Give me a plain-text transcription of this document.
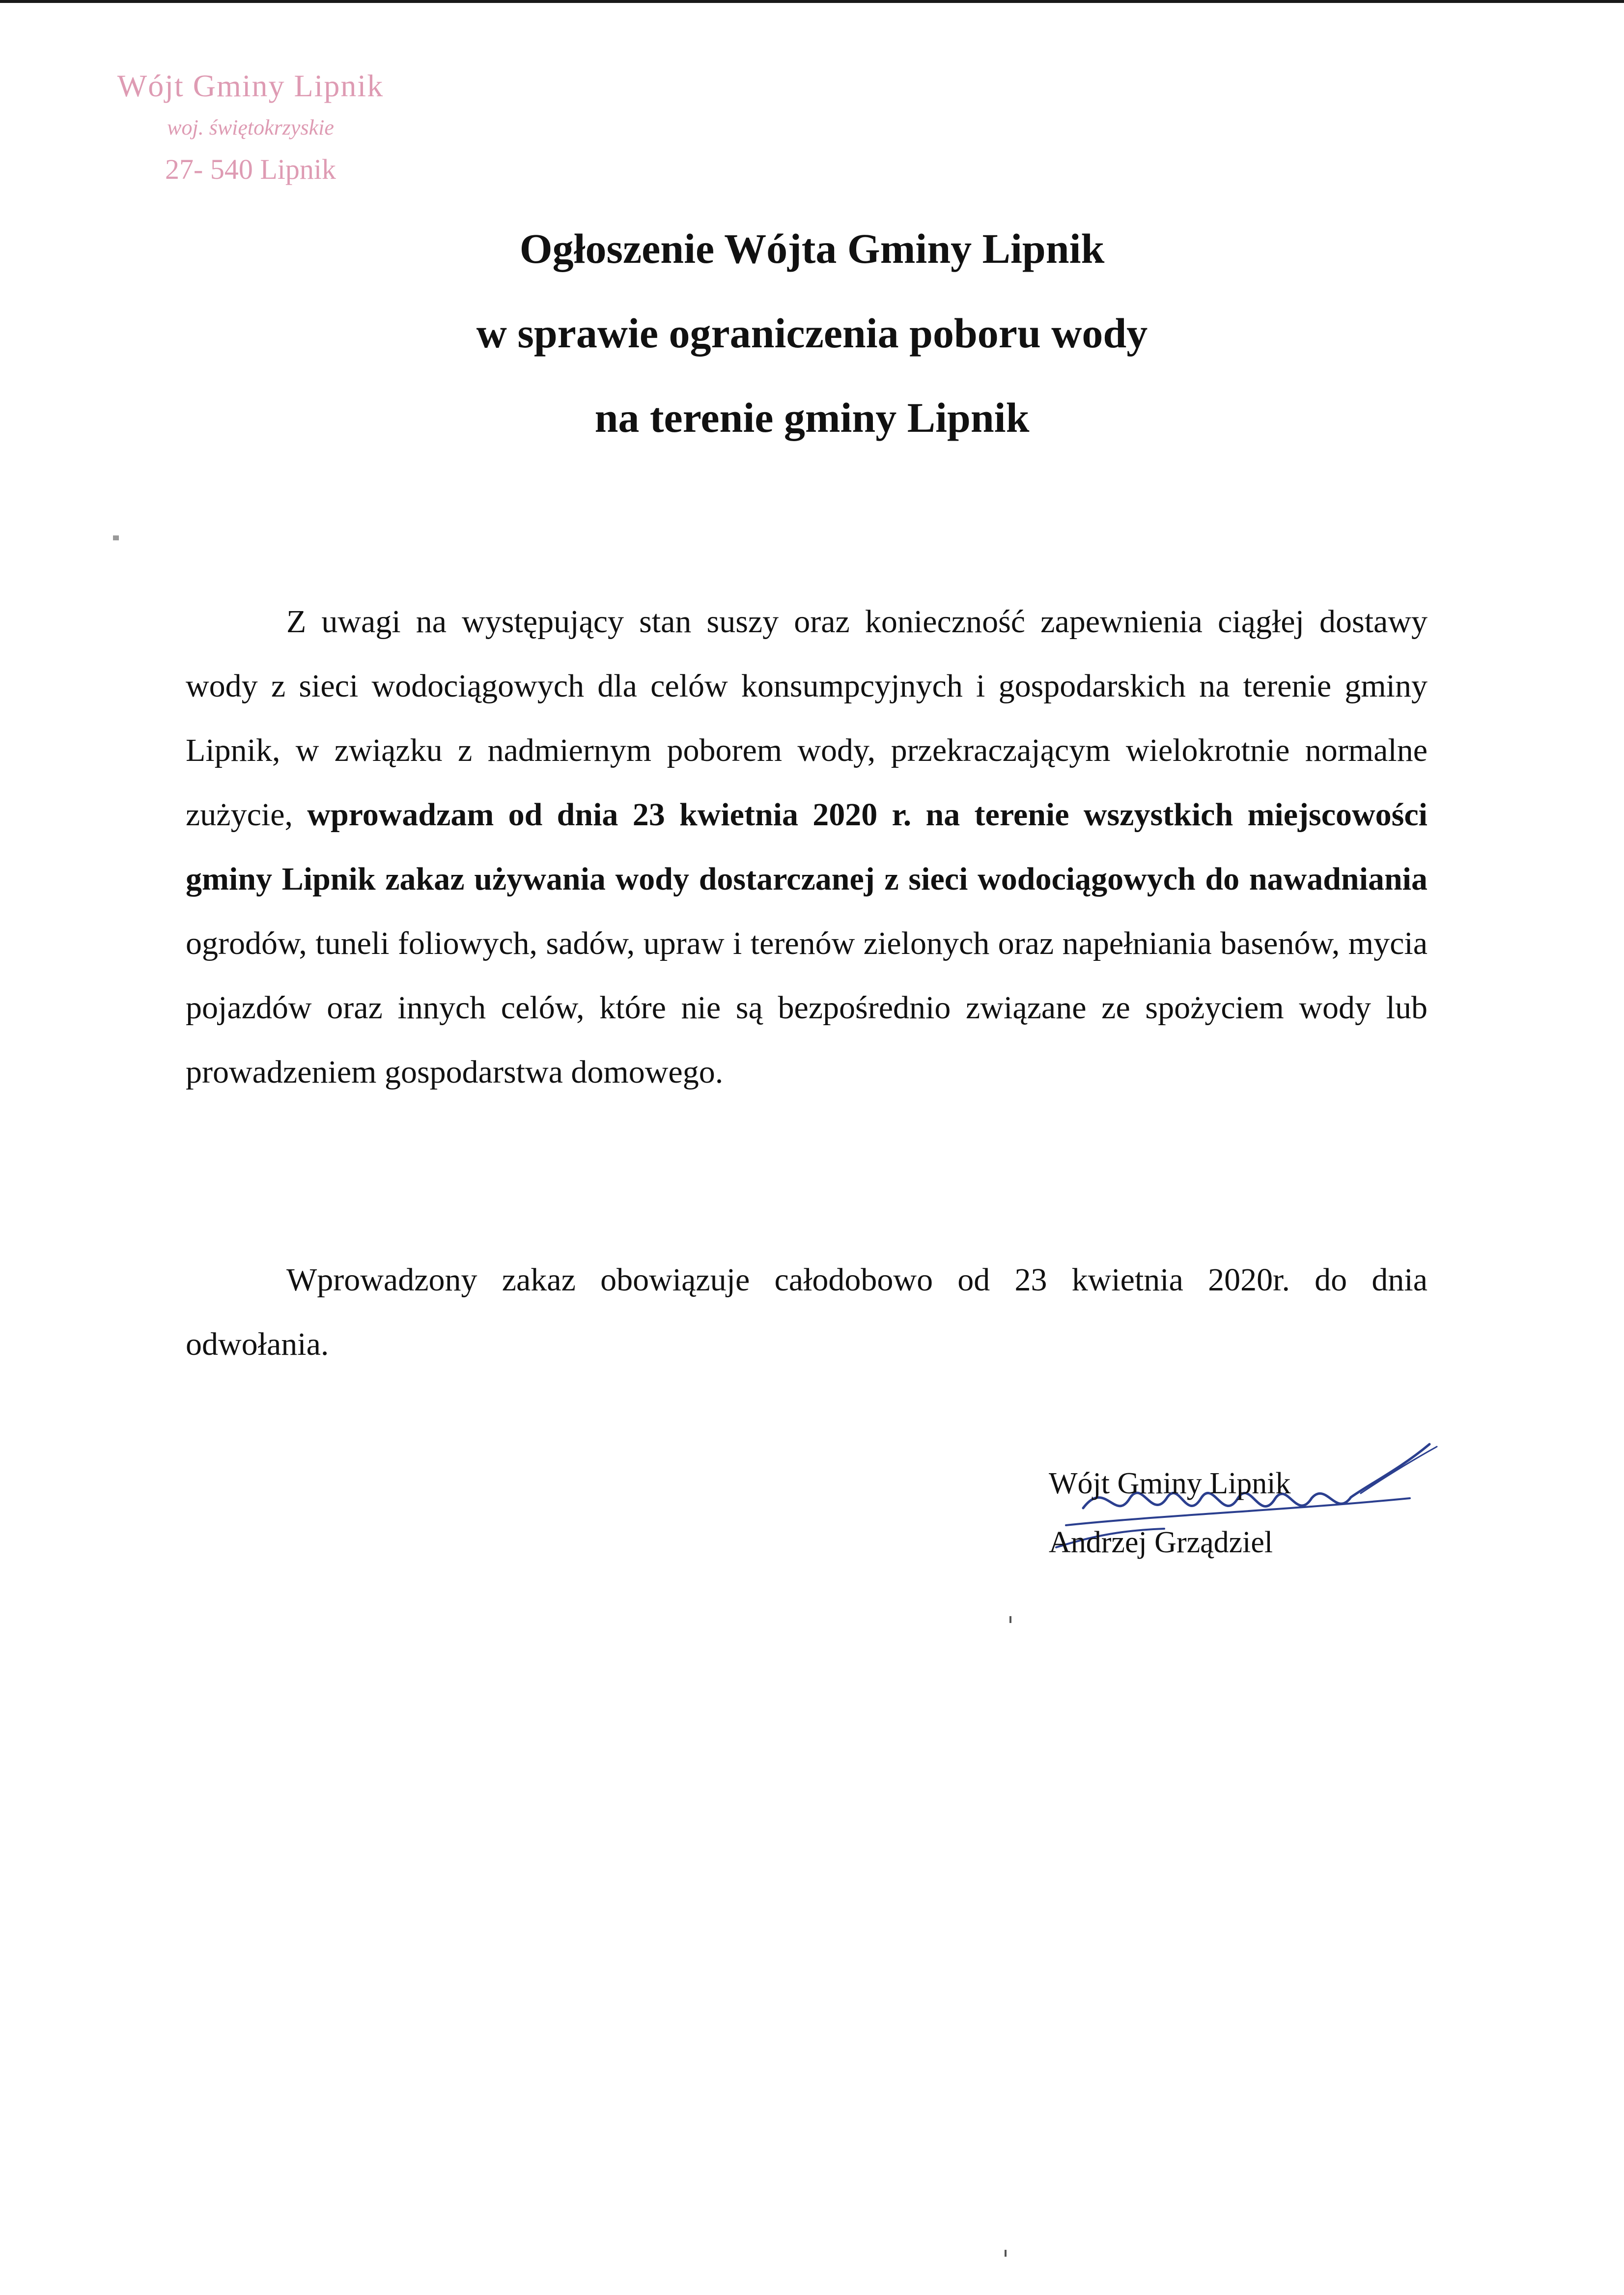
Wójt Gminy Lipnik
woj. świętokrzyskie
27- 540 Lipnik
Ogłoszenie Wójta Gminy Lipnik
w sprawie ograniczenia poboru wody
na terenie gminy Lipnik
Z uwagi na występujący stan suszy oraz konieczność zapewnienia ciągłej dostawy wody z sieci wodociągowych dla celów konsumpcyjnych i gospodarskich na terenie gminy Lipnik, w związku z nadmiernym poborem wody, przekraczającym wielokrotnie normalne zużycie, wprowadzam od dnia 23 kwietnia 2020 r. na terenie wszystkich miejscowości gminy Lipnik zakaz używania wody dostarczanej z sieci wodociągowych do nawadniania ogrodów, tuneli foliowych, sadów, upraw i terenów zielonych oraz napełniania basenów, mycia pojazdów oraz innych celów, które nie są bezpośrednio związane ze spożyciem wody lub prowadzeniem gospodarstwa domowego.
Wprowadzony zakaz obowiązuje całodobowo od 23 kwietnia 2020r. do dnia odwołania.
Wójt Gminy Lipnik
Andrzej Grządziel
